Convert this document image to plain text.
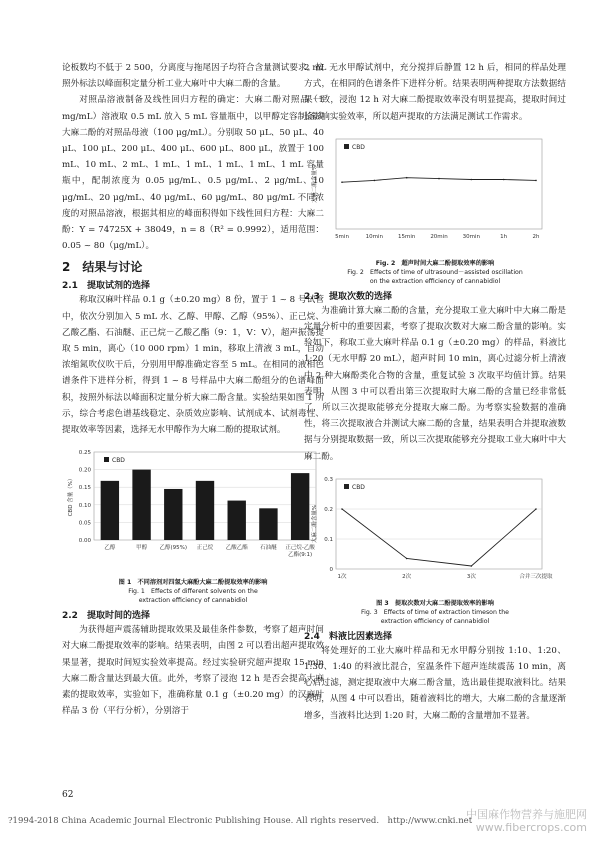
论板数均不低于 2 500，分离度与拖尾因子均符合含量测试要求。按照外标法以峰面积定量分析工业大麻叶中大麻二酚的含量。

对照品溶液制备及线性回归方程的确定：大麻二酚对照品（1 mg/mL）溶液取 0.5 mL 放入 5 mL 容量瓶中，以甲醇定容制备成大麻二酚的对照品母液（100 μg/mL）。分别取 50 μL、50 μL、40 μL、100 μL、200 μL、400 μL、600 μL、800 μL，放置于 100 mL、10 mL、2 mL、1 mL、1 mL、1 mL、1 mL、1 mL 容量瓶中，配制浓度为 0.05 μg/mL、0.5 μg/mL、2 μg/mL、10 μg/mL、20 μg/mL、40 μg/mL、60 μg/mL、80 μg/mL 不同浓度的对照品溶液，根据其相应的峰面积得如下线性回归方程：大麻二酚：Y = 74725X + 38049，n = 8（R² = 0.9992），适用范围：0.05 ~ 80（μg/mL）。

2　结果与讨论
2.1　提取试剂的选择

称取汉麻叶样品 0.1 g（±0.20 mg）8 份，置于 1 ~ 8 号试管中，依次分别加入 5 mL 水、乙醇、甲醇、乙醇（95%）、正己烷、乙酸乙酯、石油醚、正己烷－乙酸乙酯（9：1，V：V），超声振荡提取 5 min，离心（10 000 rpm）1 min，移取上清液 3 mL，自动浓缩氮吹仪吹干后，分别用甲醇准确定容至 5 mL。在相同的液相色谱条件下进样分析，得到 1 ~ 8 号样品中大麻二酚组分的色谱峰面积，按照外标法以峰面积定量分析大麻二酚含量。实验结果如图 1 所示，综合考虑色谱基线稳定、杂质效应影响、试剂成本、试剂毒性、提取效率等因素，选择无水甲醇作为大麻二酚的提取试剂。

0.00
0.05
0.10
0.15
0.20
0.25
CBD 含量（%）
乙醇	甲醇 乙醇(95%) 正己烷 乙酸乙酯 石油醚 正己烷-乙酸
乙酯(9:1)
CBD
图 1　不同溶剂对四氢大麻酚大麻二酚提取效率的影响
Fig. 1　Effects of different solvents on the
extraction efficiency of cannabidiol
2.2　提取时间的选择

为获得超声震荡辅助提取效果及最佳条件参数，考察了超声时间对大麻二酚提取效率的影响。结果表明，由图 2 可以看出超声提取效果显著，提取时间短实验效率提高。经过实验研究超声提取 15 min 大麻二酚含量达到最大值。此外，考察了浸泡 12 h 是否会提高大麻素的提取效率，实验如下，准确称量 0.1 g（±0.20 mg）的汉麻叶样品 3 份（平行分析），分别溶于

2 mL 无水甲醇试剂中，充分搅拌后静置 12 h 后，相同的样品处理方式，在相同的色谱条件下进样分析。结果表明两种提取方法数据结果一致，浸泡 12 h 对大麻二酚提取效率没有明显提高，提取时间过长影响实验效率，所以超声提取的方法满足测试工作需求。

大麻二酚含量%
5min	10min	15min	20min	30min	1h	2h
CBD
Fig. 2　超声时间大麻二酚提取效率的影响
Fig. 2　Effects of time of ultrasound－assisted oscillation
on the extraction efficiency of cannabidiol
2.3　提取次数的选择

为准确计算大麻二酚的含量，充分提取工业大麻叶中大麻二酚是定量分析中的重要因素，考察了提取次数对大麻二酚含量的影响。实验如下，称取工业大麻叶样品 0.1 g（±0.20 mg）的样品，料液比 1:20（无水甲醇 20 mL），超声时间 10 min，离心过滤分析上清液中 2 种大麻酚类化合物的含量，重复试验 3 次取平均值计算。结果表明，从图 3 中可以看出第三次提取时大麻二酚的含量已经非常低了，所以三次提取能够充分提取大麻二酚。为考察实验数据的准确性，将三次提取液合并测试大麻二酚的含量，结果表明合并提取液数据与分别提取数据一致，所以三次提取能够充分提取工业大麻叶中大麻二酚。

0
0.1
0.2
0.3
大麻二酚含量%
1次	2次	3次	合并三次提取
CBD
图 3　提取次数对大麻二酚提取效率的影响
Fig. 3　Effects of time of extraction timeson the
extraction efficiency of cannabidiol
2.4　料液比因素选择

将处理好的工业大麻叶样品和无水甲醇分别按 1:10、1:20、1:30、1:40 的料液比混合，室温条件下超声连续震荡 10 min，离心后过滤，测定提取液中大麻二酚含量，选出最佳提取液料比。结果表明，从图 4 中可以看出，随着液料比的增大，大麻二酚的含量逐渐增多，当液料比达到 1:20 时，大麻二酚的含量增加不显著。

62
?1994-2018 China Academic Journal Electronic Publishing House. All rights reserved.　http://www.cnki.net
中国麻作物营养与施肥网
www.fibercrops.com
